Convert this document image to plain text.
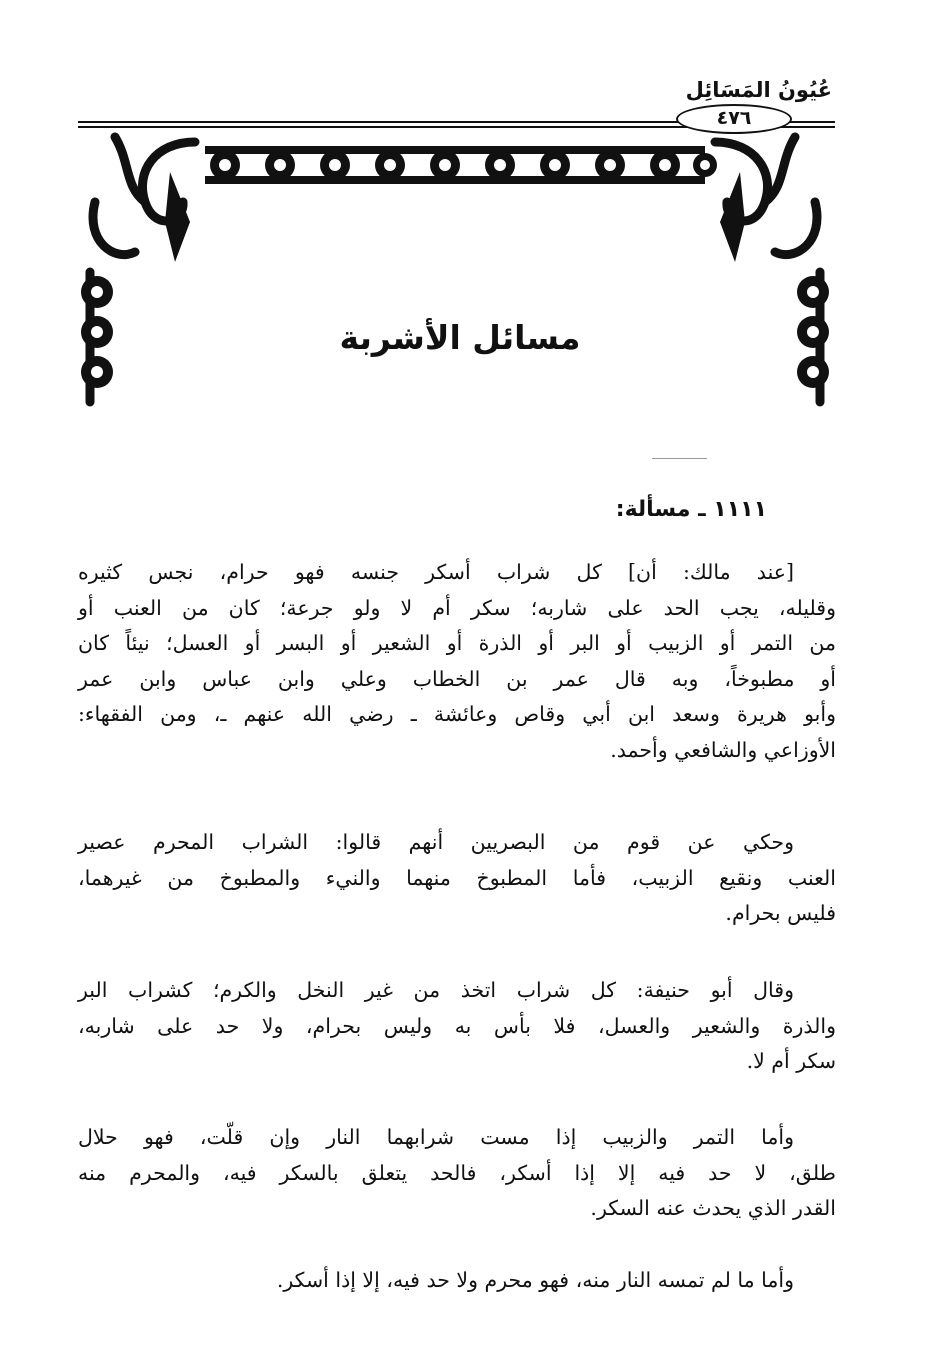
عُيُونُ المَسَائِل
٤٧٦
مسائل الأشربة
١١١١ ـ مسألة:

[عند مالك: أن] كل شراب أسكر جنسه فهو حرام، نجس كثيره
وقليله، يجب الحد على شاربه؛ سكر أم لا ولو جرعة؛ كان من العنب أو
من التمر أو الزبيب أو البر أو الذرة أو الشعير أو البسر أو العسل؛ نيئاً كان
أو مطبوخاً، وبه قال عمر بن الخطاب وعلي وابن عباس وابن عمر
وأبو هريرة وسعد ابن أبي وقاص وعائشة ـ رضي الله عنهم ـ، ومن الفقهاء:
الأوزاعي والشافعي وأحمد.

وحكي عن قوم من البصريين أنهم قالوا: الشراب المحرم عصير
العنب ونقيع الزبيب، فأما المطبوخ منهما والنيء والمطبوخ من غيرهما،
فليس بحرام.

وقال أبو حنيفة: كل شراب اتخذ من غير النخل والكرم؛ كشراب البر
والذرة والشعير والعسل، فلا بأس به وليس بحرام، ولا حد على شاربه،
سكر أم لا.

وأما التمر والزبيب إذا مست شرابهما النار وإن قلّت، فهو حلال
طلق، لا حد فيه إلا إذا أسكر، فالحد يتعلق بالسكر فيه، والمحرم منه
القدر الذي يحدث عنه السكر.

وأما ما لم تمسه النار منه، فهو محرم ولا حد فيه، إلا إذا أسكر.
